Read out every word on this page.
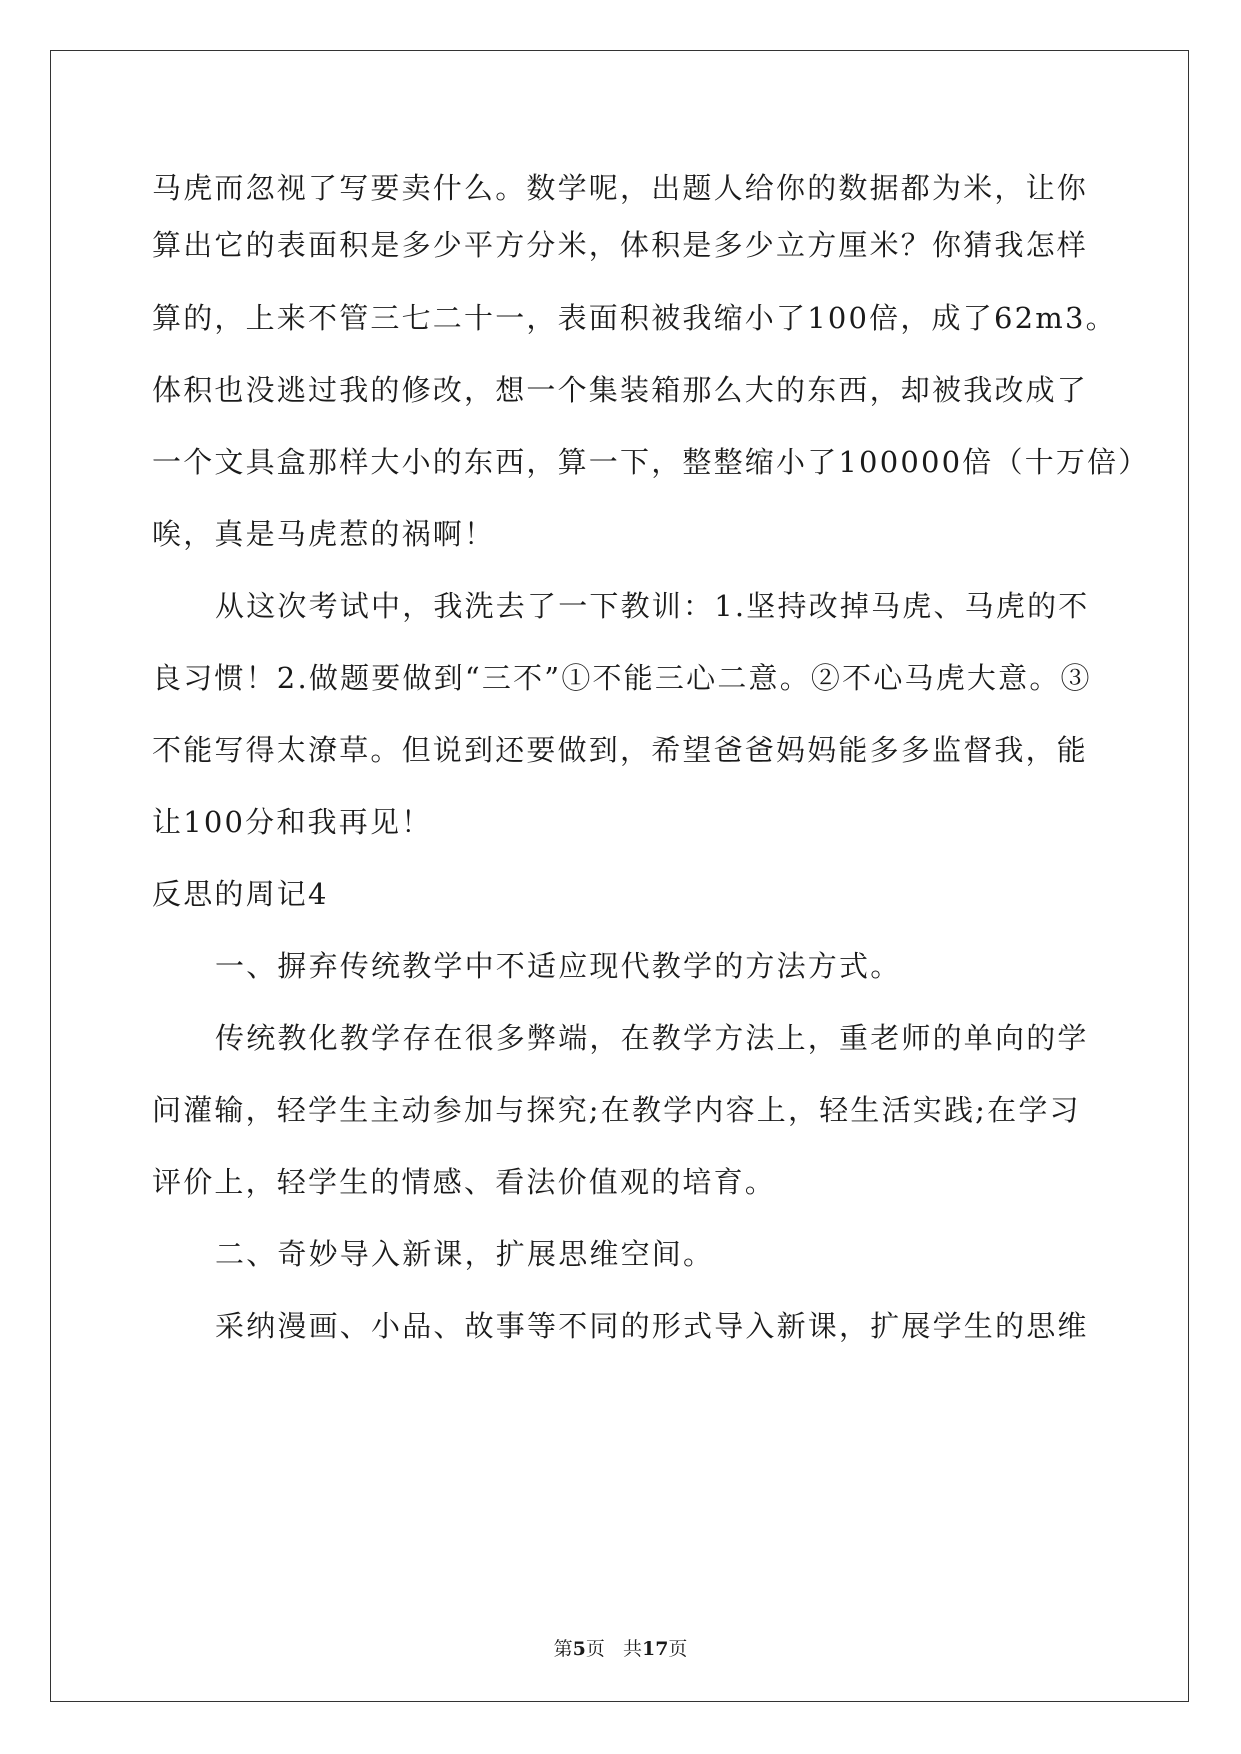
马虎而忽视了写要卖什么。数学呢，出题人给你的数据都为米，让你
算出它的表面积是多少平方分米，体积是多少立方厘米？你猜我怎样
算的，上来不管三七二十一，表面积被我缩小了100倍，成了62m3。
体积也没逃过我的修改，想一个集装箱那么大的东西，却被我改成了
一个文具盒那样大小的东西，算一下，整整缩小了100000倍（十万倍）
唉，真是马虎惹的祸啊！
从这次考试中，我洗去了一下教训：1.坚持改掉马虎、马虎的不
良习惯！2.做题要做到“三不”①不能三心二意。②不心马虎大意。③
不能写得太潦草。但说到还要做到，希望爸爸妈妈能多多监督我，能
让100分和我再见！
反思的周记4
一、摒弃传统教学中不适应现代教学的方法方式。
传统教化教学存在很多弊端，在教学方法上，重老师的单向的学
问灌输，轻学生主动参加与探究;在教学内容上，轻生活实践;在学习
评价上，轻学生的情感、看法价值观的培育。
二、奇妙导入新课，扩展思维空间。
采纳漫画、小品、故事等不同的形式导入新课，扩展学生的思维
第5页 共17页
